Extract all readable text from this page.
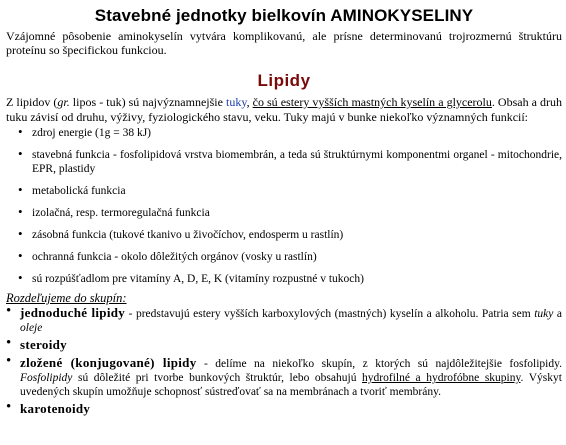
Stavebné jednotky bielkovín AMINOKYSELINY

Vzájomné pôsobenie aminokyselín vytvára komplikovanú, ale prísne determinovanú trojrozmernú štruktúru proteínu so špecifickou funkciou.

Lipidy

Z lipidov (gr. lipos - tuk) sú najvýznamnejšie tuky, čo sú estery vyšších mastných kyselín a glycerolu. Obsah a druh tuku závisí od druhu, výživy, fyziologického stavu, veku. Tuky majú v bunke niekoľko významných funkcií:

• zdroj energie (1g = 38 kJ)
• stavebná funkcia - fosfolipidová vrstva biomembrán, a teda sú štruktúrnymi komponentmi organel - mitochondrie, EPR, plastidy
• metabolická funkcia
• izolačná, resp. termoregulačná funkcia
• zásobná funkcia (tukové tkanivo u živočíchov, endosperm u rastlín)
• ochranná funkcia - okolo dôležitých orgánov (vosky u rastlín)
• sú rozpúšťadlom pre vitamíny A, D, E, K (vitamíny rozpustné v tukoch)
Rozdeľujeme do skupín:
• jednoduché lipidy - predstavujú estery vyšších karboxylových (mastných) kyselín a alkoholu. Patria sem tuky a oleje
• steroidy
• zložené (konjugované) lipidy - delíme na niekoľko skupín, z ktorých sú najdôležitejšie fosfolipidy. Fosfolipidy sú dôležité pri tvorbe bunkových štruktúr, lebo obsahujú hydrofilné a hydrofóbne skupiny. Výskyt uvedených skupín umožňuje schopnosť sústreďovať sa na membránach a tvoriť membrány.
• karotenoidy
